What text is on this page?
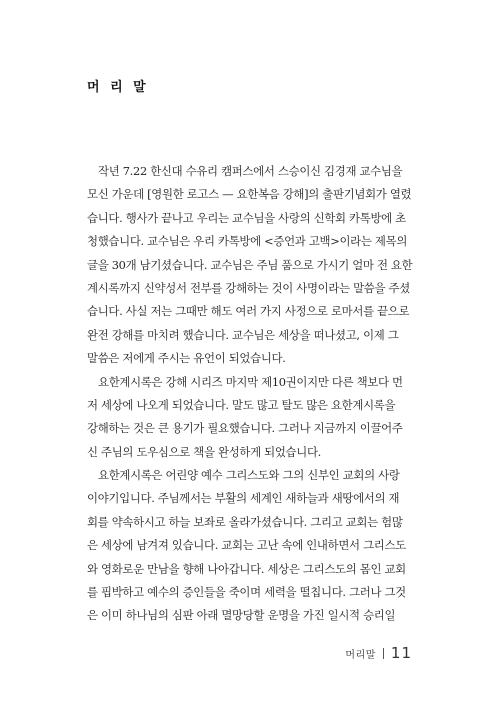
머 리 말
작년 7.22 한신대 수유리 캠퍼스에서 스승이신 김경재 교수님을
모신 가운데 [영원한 로고스 — 요한복음 강해]의 출판기념회가 열렸
습니다. 행사가 끝나고 우리는 교수님을 사랑의 신학회 카톡방에 초
청했습니다. 교수님은 우리 카톡방에 <증언과 고백>이라는 제목의
글을 30개 남기셨습니다. 교수님은 주님 품으로 가시기 얼마 전 요한
계시록까지 신약성서 전부를 강해하는 것이 사명이라는 말씀을 주셨
습니다. 사실 저는 그때만 해도 여러 가지 사정으로 로마서를 끝으로
완전 강해를 마치려 했습니다. 교수님은 세상을 떠나셨고, 이제 그
말씀은 저에게 주시는 유언이 되었습니다.
요한계시록은 강해 시리즈 마지막 제10권이지만 다른 책보다 먼
저 세상에 나오게 되었습니다. 말도 많고 탈도 많은 요한계시록을
강해하는 것은 큰 용기가 필요했습니다. 그러나 지금까지 이끌어주
신 주님의 도우심으로 책을 완성하게 되었습니다.
요한계시록은 어린양 예수 그리스도와 그의 신부인 교회의 사랑
이야기입니다. 주님께서는 부활의 세계인 새하늘과 새땅에서의 재
회를 약속하시고 하늘 보좌로 올라가셨습니다. 그리고 교회는 험많
은 세상에 남겨져 있습니다. 교회는 고난 속에 인내하면서 그리스도
와 영화로운 만남을 향해 나아갑니다. 세상은 그리스도의 몸인 교회
를 핍박하고 예수의 증인들을 죽이며 세력을 떨칩니다. 그러나 그것
은 이미 하나님의 심판 아래 멸망당할 운명을 가진 일시적 승리일
머리말 11
